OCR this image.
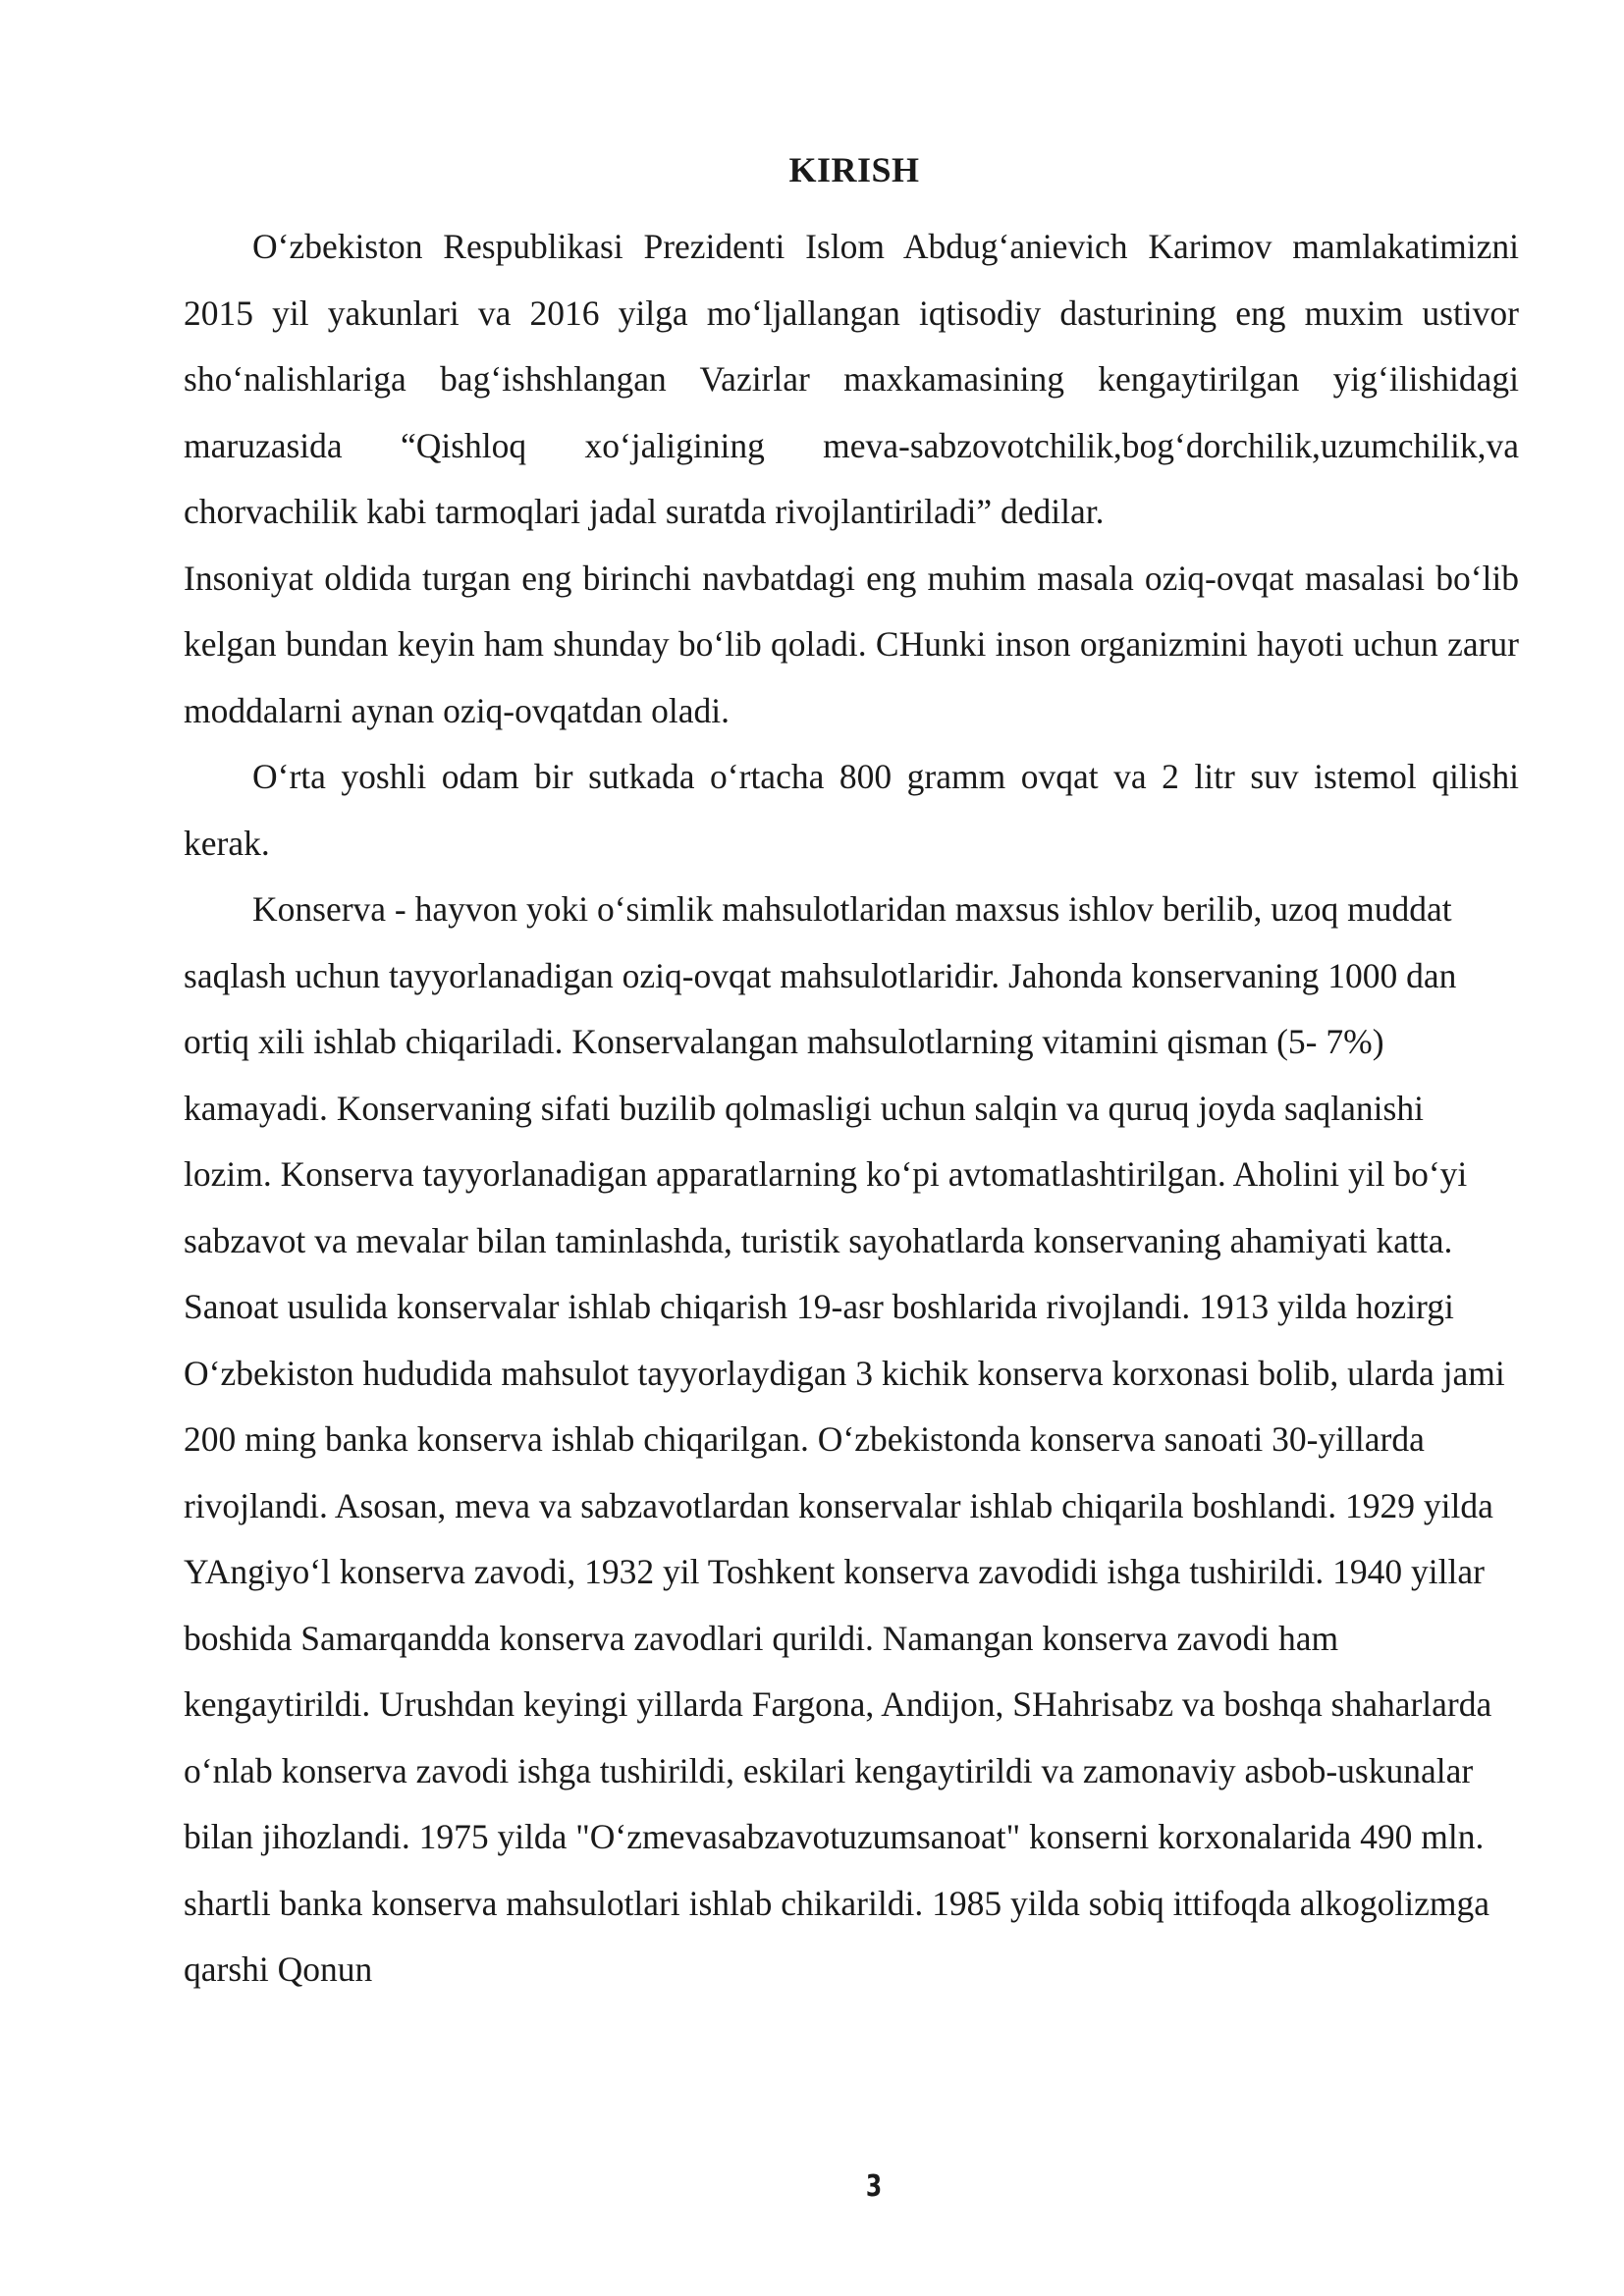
KIRISH

O‘zbekiston Respublikasi Prezidenti Islom Abdug‘anievich Karimov mamlakatimizni 2015 yil yakunlari va 2016 yilga mo‘ljallangan iqtisodiy dasturining eng muxim ustivor sho‘nalishlariga bag‘ishshlangan Vazirlar maxkamasining kengaytirilgan yig‘ilishidagi maruzasida “Qishloq xo‘jaligining meva-sabzovotchilik,bog‘dorchilik,uzumchilik,va chorvachilik kabi tarmoqlari jadal suratda rivojlantiriladi” dedilar.

Insoniyat oldida turgan eng birinchi navbatdagi eng muhim masala oziq-ovqat masalasi bo‘lib kelgan bundan keyin ham shunday bo‘lib qoladi. CHunki inson organizmini hayoti uchun zarur moddalarni aynan oziq-ovqatdan oladi.

O‘rta yoshli odam bir sutkada o‘rtacha 800 gramm ovqat va 2 litr suv istemol qilishi kerak.

Konserva - hayvon yoki o‘simlik mahsulotlaridan maxsus ishlov berilib, uzoq muddat saqlash uchun tayyorlanadigan oziq-ovqat mahsulotlaridir. Jahonda konservaning 1000 dan ortiq xili ishlab chiqariladi. Konservalangan mahsulotlarning vitamini qisman (5- 7%) kamayadi. Konservaning sifati buzilib qolmasligi uchun salqin va quruq joyda saqlanishi lozim. Konserva tayyorlanadigan apparatlarning ko‘pi avtomatlashtirilgan. Aholini yil bo‘yi sabzavot va mevalar bilan taminlashda, turistik sayohatlarda konservaning ahamiyati katta.

Sanoat usulida konservalar ishlab chiqarish 19-asr boshlarida rivojlandi. 1913 yilda hozirgi O‘zbekiston hududida mahsulot tayyorlaydigan 3 kichik konserva korxonasi bolib, ularda jami 200 ming banka konserva ishlab chiqarilgan. O‘zbekistonda konserva sanoati 30-yillarda rivojlandi. Asosan, meva va sabzavotlardan konservalar ishlab chiqarila boshlandi. 1929 yilda YAngiyo‘l konserva zavodi, 1932 yil Toshkent konserva zavodidi ishga tushirildi. 1940 yillar boshida Samarqandda konserva zavodlari qurildi. Namangan konserva zavodi ham kengaytirildi. Urushdan keyingi yillarda Fargona, Andijon, SHahrisabz va boshqa shaharlarda o‘nlab konserva zavodi ishga tushirildi, eskilari kengaytirildi va zamonaviy asbob-uskunalar bilan jihozlandi. 1975 yilda "O‘zmevasabzavotuzumsanoat" konserni korxonalarida 490 mln. shartli banka konserva mahsulotlari ishlab chikarildi. 1985 yilda sobiq ittifoqda alkogolizmga qarshi Qonun

3
